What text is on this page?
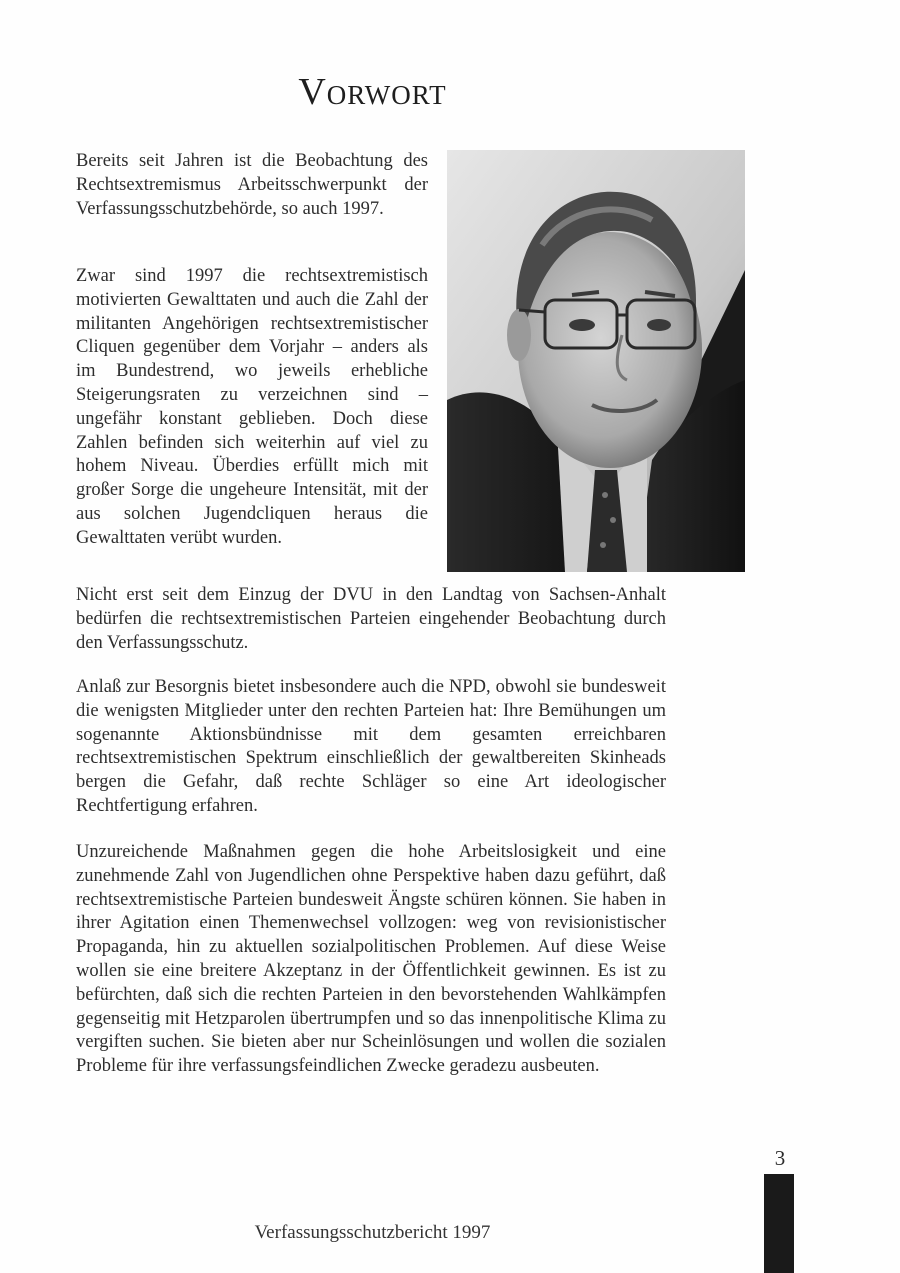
Vorwort

Bereits seit Jahren ist die Beobachtung des Rechtsextremismus Arbeitsschwerpunkt der Verfassungsschutzbehörde, so auch 1997.

Zwar sind 1997 die rechtsextremistisch motivierten Gewalttaten und auch die Zahl der militanten Angehörigen rechtsextremistischer Cliquen gegenüber dem Vorjahr – anders als im Bundestrend, wo jeweils erhebliche Steigerungsraten zu verzeichnen sind – ungefähr konstant geblieben. Doch diese Zahlen befinden sich weiterhin auf viel zu hohem Niveau. Überdies erfüllt mich mit großer Sorge die ungeheure Intensität, mit der aus solchen Jugendcliquen heraus die Gewalttaten verübt wurden.

Nicht erst seit dem Einzug der DVU in den Landtag von Sachsen-Anhalt bedürfen die rechtsextremistischen Parteien eingehender Beobachtung durch den Verfassungsschutz.

Anlaß zur Besorgnis bietet insbesondere auch die NPD, obwohl sie bundesweit die wenigsten Mitglieder unter den rechten Parteien hat: Ihre Bemühungen um sogenannte Aktionsbündnisse mit dem gesamten erreichbaren rechtsextremistischen Spektrum einschließlich der gewaltbereiten Skinheads bergen die Gefahr, daß rechte Schläger so eine Art ideologischer Rechtfertigung erfahren.

Unzureichende Maßnahmen gegen die hohe Arbeitslosigkeit und eine zunehmende Zahl von Jugendlichen ohne Perspektive haben dazu geführt, daß rechtsextremistische Parteien bundesweit Ängste schüren können. Sie haben in ihrer Agitation einen Themenwechsel vollzogen: weg von revisionistischer Propaganda, hin zu aktuellen sozialpolitischen Problemen. Auf diese Weise wollen sie eine breitere Akzeptanz in der Öffentlichkeit gewinnen. Es ist zu befürchten, daß sich die rechten Parteien in den bevorstehenden Wahlkämpfen gegenseitig mit Hetzparolen übertrumpfen und so das innenpolitische Klima zu vergiften suchen. Sie bieten aber nur Scheinlösungen und wollen die sozialen Probleme für ihre verfassungsfeindlichen Zwecke geradezu ausbeuten.

3
Verfassungsschutzbericht 1997
